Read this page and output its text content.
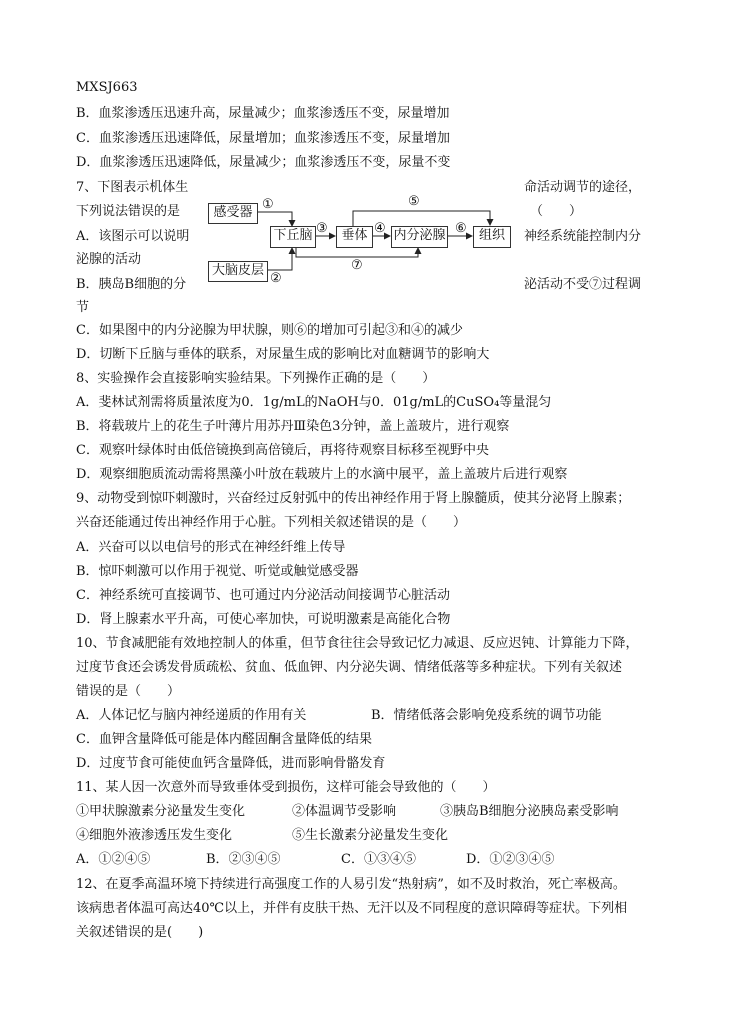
MXSJ663
B．血浆渗透压迅速升高，尿量减少；血浆渗透压不变，尿量增加
C．血浆渗透压迅速降低，尿量增加；血浆渗透压不变，尿量增加
D．血浆渗透压迅速降低，尿量减少；血浆渗透压不变，尿量不变
7、下图表示机体生	命活动调节的途径，
下列说法错误的是	（　　）
A．该图示可以说明	神经系统能控制内分
泌腺的活动
B．胰岛B细胞的分	泌活动不受⑦过程调
节
C．如果图中的内分泌腺为甲状腺，则⑥的增加可引起③和④的减少
D．切断下丘脑与垂体的联系，对尿量生成的影响比对血糖调节的影响大
感受器
大脑皮层
下丘脑	垂体	内分泌腺	组织
①
②
③	④
⑤
⑥
⑦
8、实验操作会直接影响实验结果。下列操作正确的是（　　）
A．斐林试剂需将质量浓度为0．1g/mL的NaOH与0．01g/mL的CuSO₄等量混匀
B．将载玻片上的花生子叶薄片用苏丹Ⅲ染色3分钟，盖上盖玻片，进行观察
C．观察叶绿体时由低倍镜换到高倍镜后，再将待观察目标移至视野中央
D．观察细胞质流动需将黑藻小叶放在载玻片上的水滴中展平，盖上盖玻片后进行观察
9、动物受到惊吓刺激时，兴奋经过反射弧中的传出神经作用于肾上腺髓质，使其分泌肾上腺素；
兴奋还能通过传出神经作用于心脏。下列相关叙述错误的是（　　）
A．兴奋可以以电信号的形式在神经纤维上传导
B．惊吓刺激可以作用于视觉、听觉或触觉感受器
C．神经系统可直接调节、也可通过内分泌活动间接调节心脏活动
D．肾上腺素水平升高，可使心率加快，可说明激素是高能化合物
10、节食减肥能有效地控制人的体重，但节食往往会导致记忆力减退、反应迟钝、计算能力下降，
过度节食还会诱发骨质疏松、贫血、低血钾、内分泌失调、情绪低落等多种症状。下列有关叙述
错误的是（　　）
A．人体记忆与脑内神经递质的作用有关	B．情绪低落会影响免疫系统的调节功能
C．血钾含量降低可能是体内醛固酮含量降低的结果
D．过度节食可能使血钙含量降低，进而影响骨骼发育
11、某人因一次意外而导致垂体受到损伤，这样可能会导致他的（　　）
①甲状腺激素分泌量发生变化	②体温调节受影响	③胰岛B细胞分泌胰岛素受影响
④细胞外液渗透压发生变化	⑤生长激素分泌量发生变化
A．①②④⑤	B．②③④⑤	C．①③④⑤	D．①②③④⑤
12、在夏季高温环境下持续进行高强度工作的人易引发“热射病”，如不及时救治，死亡率极高。
该病患者体温可高达40℃以上，并伴有皮肤干热、无汗以及不同程度的意识障碍等症状。下列相
关叙述错误的是(　　)
